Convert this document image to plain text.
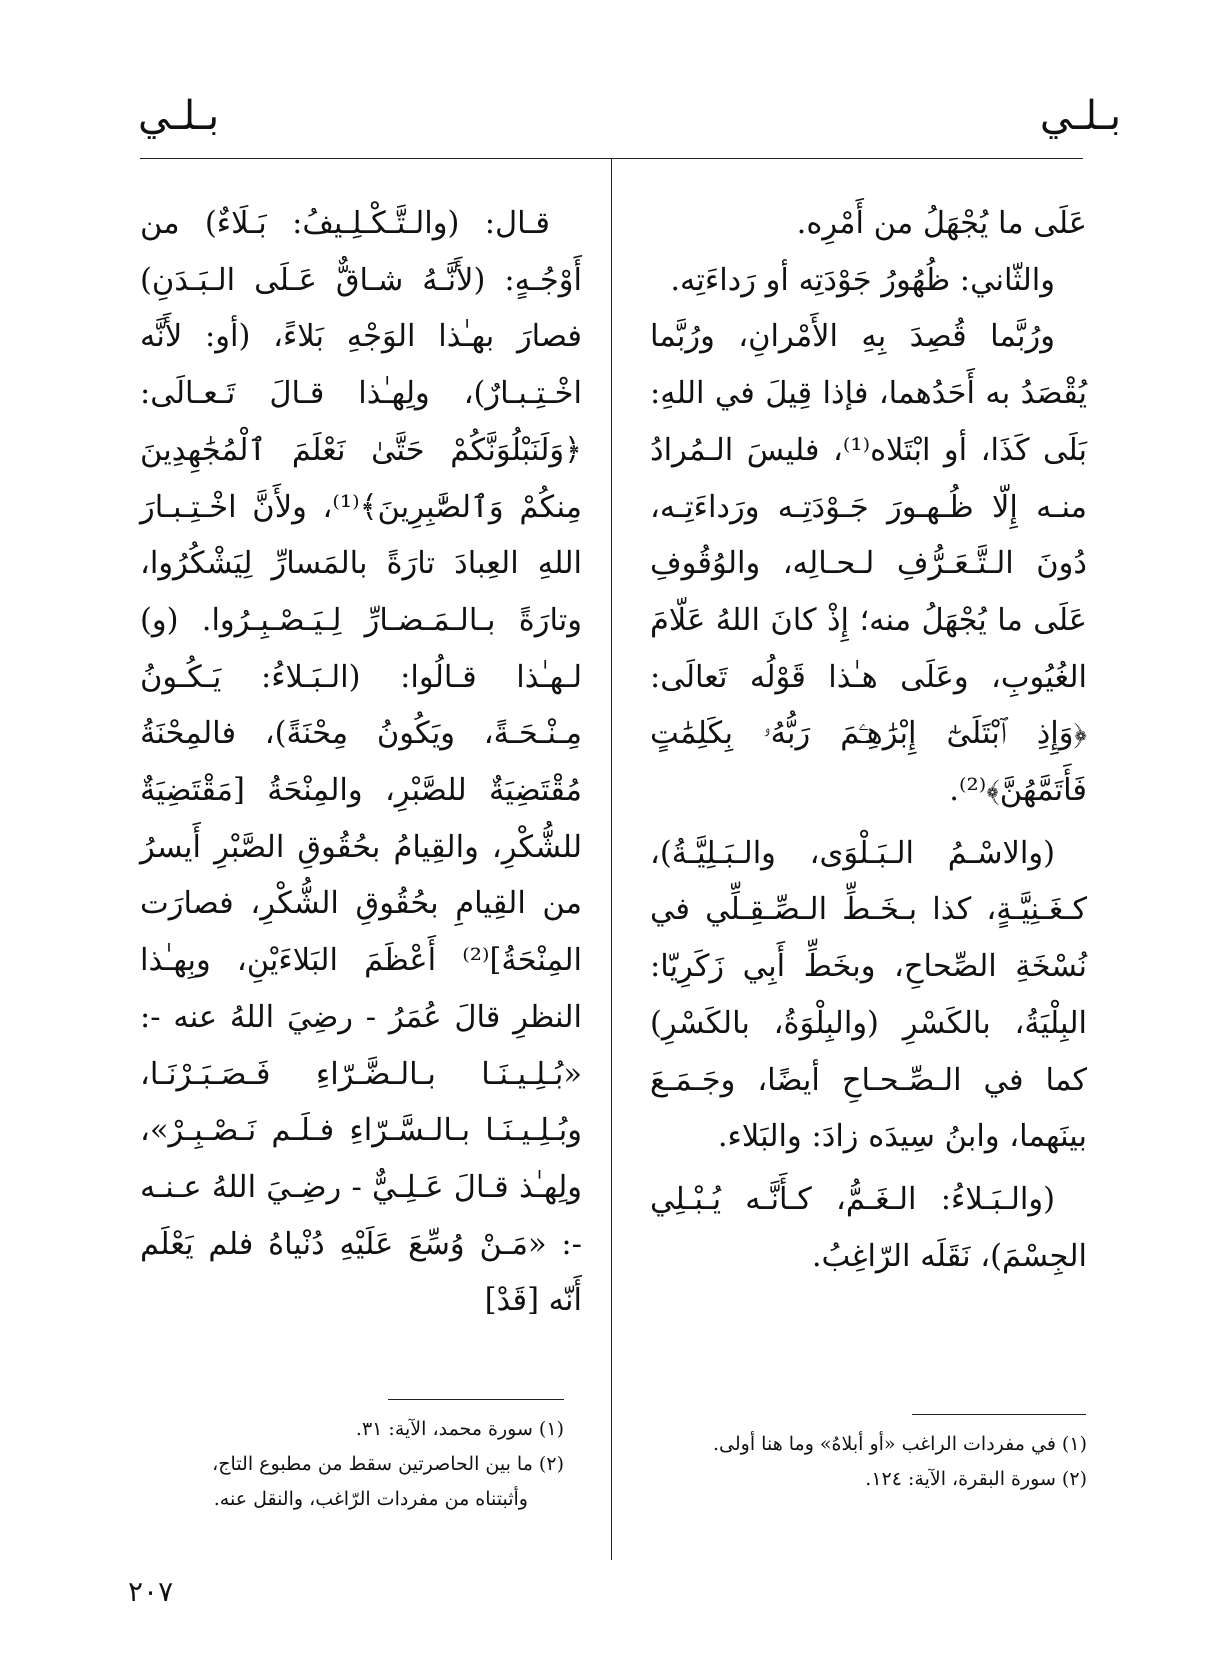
بـلـي
بـلـي

عَلَى ما يُجْهَلُ من أَمْرِه.

والثّاني: ظُهُورُ جَوْدَتِه أو رَداءَتِه.

ورُبَّما قُصِدَ بِهِ الأَمْرانِ، ورُبَّما يُقْصَدُ به أَحَدُهما، فإذا قِيلَ في اللهِ: بَلَى كَذَا، أو ابْتَلاه⁽¹⁾، فليسَ الـمُرادُ منـه إِلّا ظُـهـورَ جَـوْدَتِـه ورَداءَتِـه، دُونَ الـتَّـعَـرُّفِ لـحـالِه، والوُقُوفِ عَلَى ما يُجْهَلُ منه؛ إِذْ كانَ اللهُ عَلّامَ الغُيُوبِ، وعَلَى هـٰذا قَوْلُه تَعالَى: ﴿وَإِذِ ٱبْتَلَىٰٓ إِبْرَٰهِـۧمَ رَبُّهُۥ بِكَلِمَٰتٍ فَأَتَمَّهُنَّ﴾⁽²⁾.

(والاسْـمُ الـبَـلْوَى، والـبَـلِيَّـةُ)، كـغَـنِيَّـةٍ، كذا بـخَـطِّ الـصِّـقِـلِّي في نُسْخَةِ الصِّحاحِ، وبخَطِّ أَبِي زَكَرِيّا: البِلْيَةُ، بالكَسْرِ (والبِلْوَةُ، بالكَسْرِ) كما في الـصِّـحـاحِ أيضًا، وجَـمَـعَ بينَهما، وابنُ سِيدَه زادَ: والبَلاء.

(والـبَـلاءُ: الـغَـمُّ، كـأَنَّـه يُـبْـلِي الجِسْمَ)، نَقَلَه الرّاغِبُ.

قـال: (والـتَّـكْـلِـيفُ: بَـلَاءٌ) من أَوْجُـهٍ: (لأَنَّـهُ شـاقٌّ عَـلَى الـبَـدَنِ) فصارَ بهـٰذا الوَجْهِ بَلاءً، (أو: لأَنَّه اخْـتِـبـارٌ)، ولِهـٰذا قـالَ تَـعـالَى: ﴿وَلَنَبْلُوَنَّكُمْ حَتَّىٰ نَعْلَمَ ٱلْمُجَٰهِدِينَ مِنكُمْ وَٱلصَّٰبِرِينَ﴾⁽¹⁾، ولأَنَّ اخْـتِـبـارَ اللهِ العِبادَ تارَةً بالمَسارِّ لِيَشْكُرُوا، وتارَةً بـالـمَـضـارِّ لِـيَـصْـبِـرُوا. (و) لـهـٰذا قـالُوا: (الـبَـلاءُ: يَـكُـونُ مِـنْـحَـةً، ويَكُونُ مِحْنَةً)، فالمِحْنَةُ مُقْتَضِيَةٌ للصَّبْرِ، والمِنْحَةُ [مَقْتَضِيَةٌ للشُّكْرِ، والقِيامُ بحُقُوقِ الصَّبْرِ أَيسرُ من القِيامِ بحُقُوقِ الشُّكْرِ، فصارَت المِنْحَةُ]⁽²⁾ أَعْظَمَ البَلاءَيْنِ، وبِهـٰذا النظرِ قالَ عُمَرُ - رضِيَ اللهُ عنه -: «بُـلِـيـنَـا بـالـضَّـرّاءِ فَـصَـبَـرْنَـا، وبُـلِـيـنَـا بـالـسَّـرّاءِ فـلَـم نَـصْـبِـرْ»، ولِهـٰذ قـالَ عَـلِـيٌّ - رضِـيَ اللهُ عـنـه -: «مَـنْ وُسِّعَ عَلَيْهِ دُنْياهُ فلم يَعْلَم أَنّه [قَدْ]

(١) في مفردات الراغب «أو أبلاهُ» وما هنا أولى.

(٢) سورة البقرة، الآية: ١٢٤.

(١) سورة محمد، الآية: ٣١.

(٢) ما بين الحاصرتين سقط من مطبوع التاج،

وأثبتناه من مفردات الرّاغب، والنقل عنه.

٢٠٧
